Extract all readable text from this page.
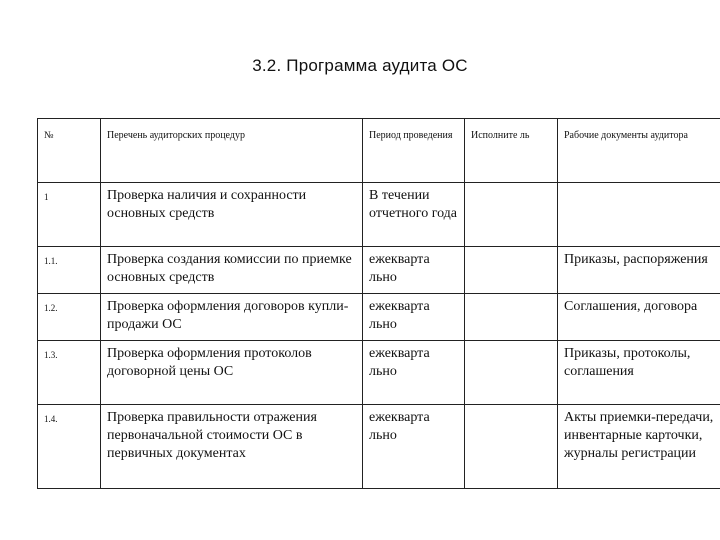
3.2. Программа аудита ОС
№	Перечень аудиторских процедур	Период проведения	Исполните ль	Рабочие документы аудитора
1	Проверка наличия и сохранности основных средств	В течении отчетного года		
1.1.	Проверка создания комиссии по приемке основных средств	ежекварта льно		Приказы, распоряжения
1.2.	Проверка оформления договоров купли-продажи ОС	ежекварта льно		Соглашения, договора
1.3.	Проверка оформления протоколов договорной цены ОС	ежекварта льно		Приказы, протоколы, соглашения
1.4.	Проверка правильности отражения первоначальной стоимости ОС в первичных документах	ежекварта льно		Акты приемки-передачи, инвентарные карточки, журналы регистрации
